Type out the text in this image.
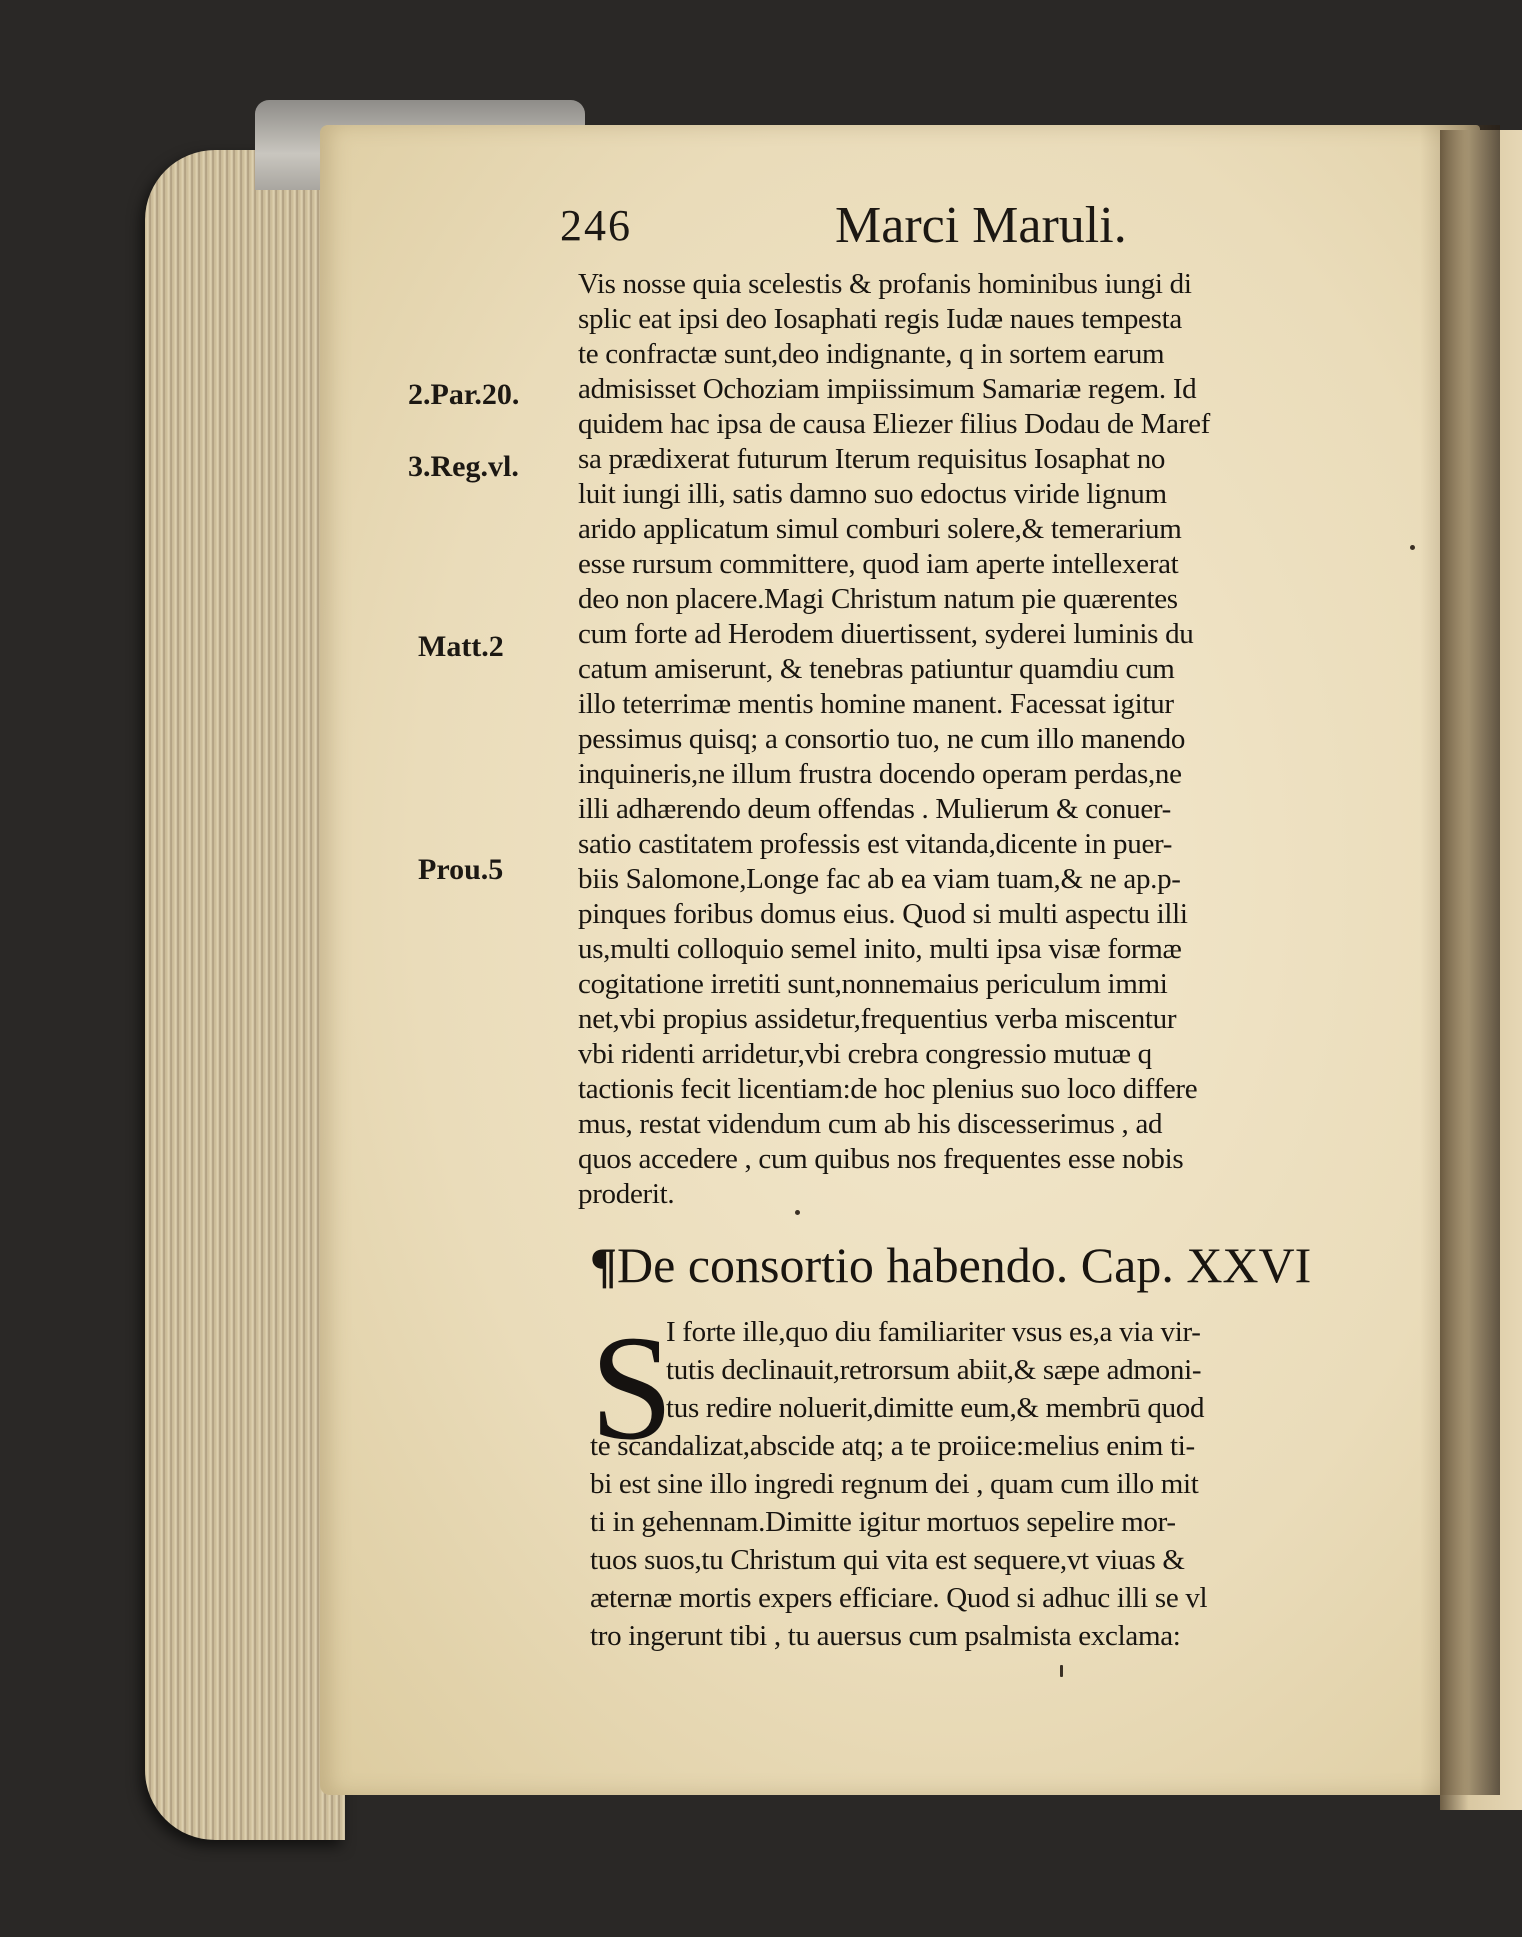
246	Marci Maruli.
2.Par.20.
3.Reg.vl.
Matt.2
Prou.5
Vis nosse quia scelestis & profanis hominibus iungi di
splic eat ipsi deo Iosaphati regis Iudæ naues tempesta
te confractæ sunt,deo indignante, q in sortem earum
admisisset Ochoziam impiissimum Samariæ regem. Id
quidem hac ipsa de causa Eliezer filius Dodau de Maref
sa prædixerat futurum Iterum requisitus Iosaphat no
luit iungi illi, satis damno suo edoctus viride lignum
arido applicatum simul comburi solere,& temerarium
esse rursum committere, quod iam aperte intellexerat
deo non placere.Magi Christum natum pie quærentes
cum forte ad Herodem diuertissent, syderei luminis du
catum amiserunt, & tenebras patiuntur quamdiu cum
illo teterrimæ mentis homine manent. Facessat igitur
pessimus quisq; a consortio tuo, ne cum illo manendo
inquineris,ne illum frustra docendo operam perdas,ne
illi adhærendo deum offendas . Mulierum & conuer-
satio castitatem professis est vitanda,dicente in puer-
biis Salomone,Longe fac ab ea viam tuam,& ne ap.p-
pinques foribus domus eius. Quod si multi aspectu illi
us,multi colloquio semel inito, multi ipsa visæ formæ
cogitatione irretiti sunt,nonnemaius periculum immi
net,vbi propius assidetur,frequentius verba miscentur
vbi ridenti arridetur,vbi crebra congressio mutuæ q
tactionis fecit licentiam:de hoc plenius suo loco differe
mus, restat videndum cum ab his discesserimus , ad
quos accedere , cum quibus nos frequentes esse nobis
proderit.
¶De consortio habendo. Cap. XXVI
S
I forte ille,quo diu familiariter vsus es,a via vir-
tutis declinauit,retrorsum abiit,& sæpe admoni-
tus redire noluerit,dimitte eum,& membrū quod
te scandalizat,abscide atq; a te proiice:melius enim ti-
bi est sine illo ingredi regnum dei , quam cum illo mit
ti in gehennam.Dimitte igitur mortuos sepelire mor-
tuos suos,tu Christum qui vita est sequere,vt viuas &
æternæ mortis expers efficiare. Quod si adhuc illi se vl
tro ingerunt tibi , tu auersus cum psalmista exclama:
